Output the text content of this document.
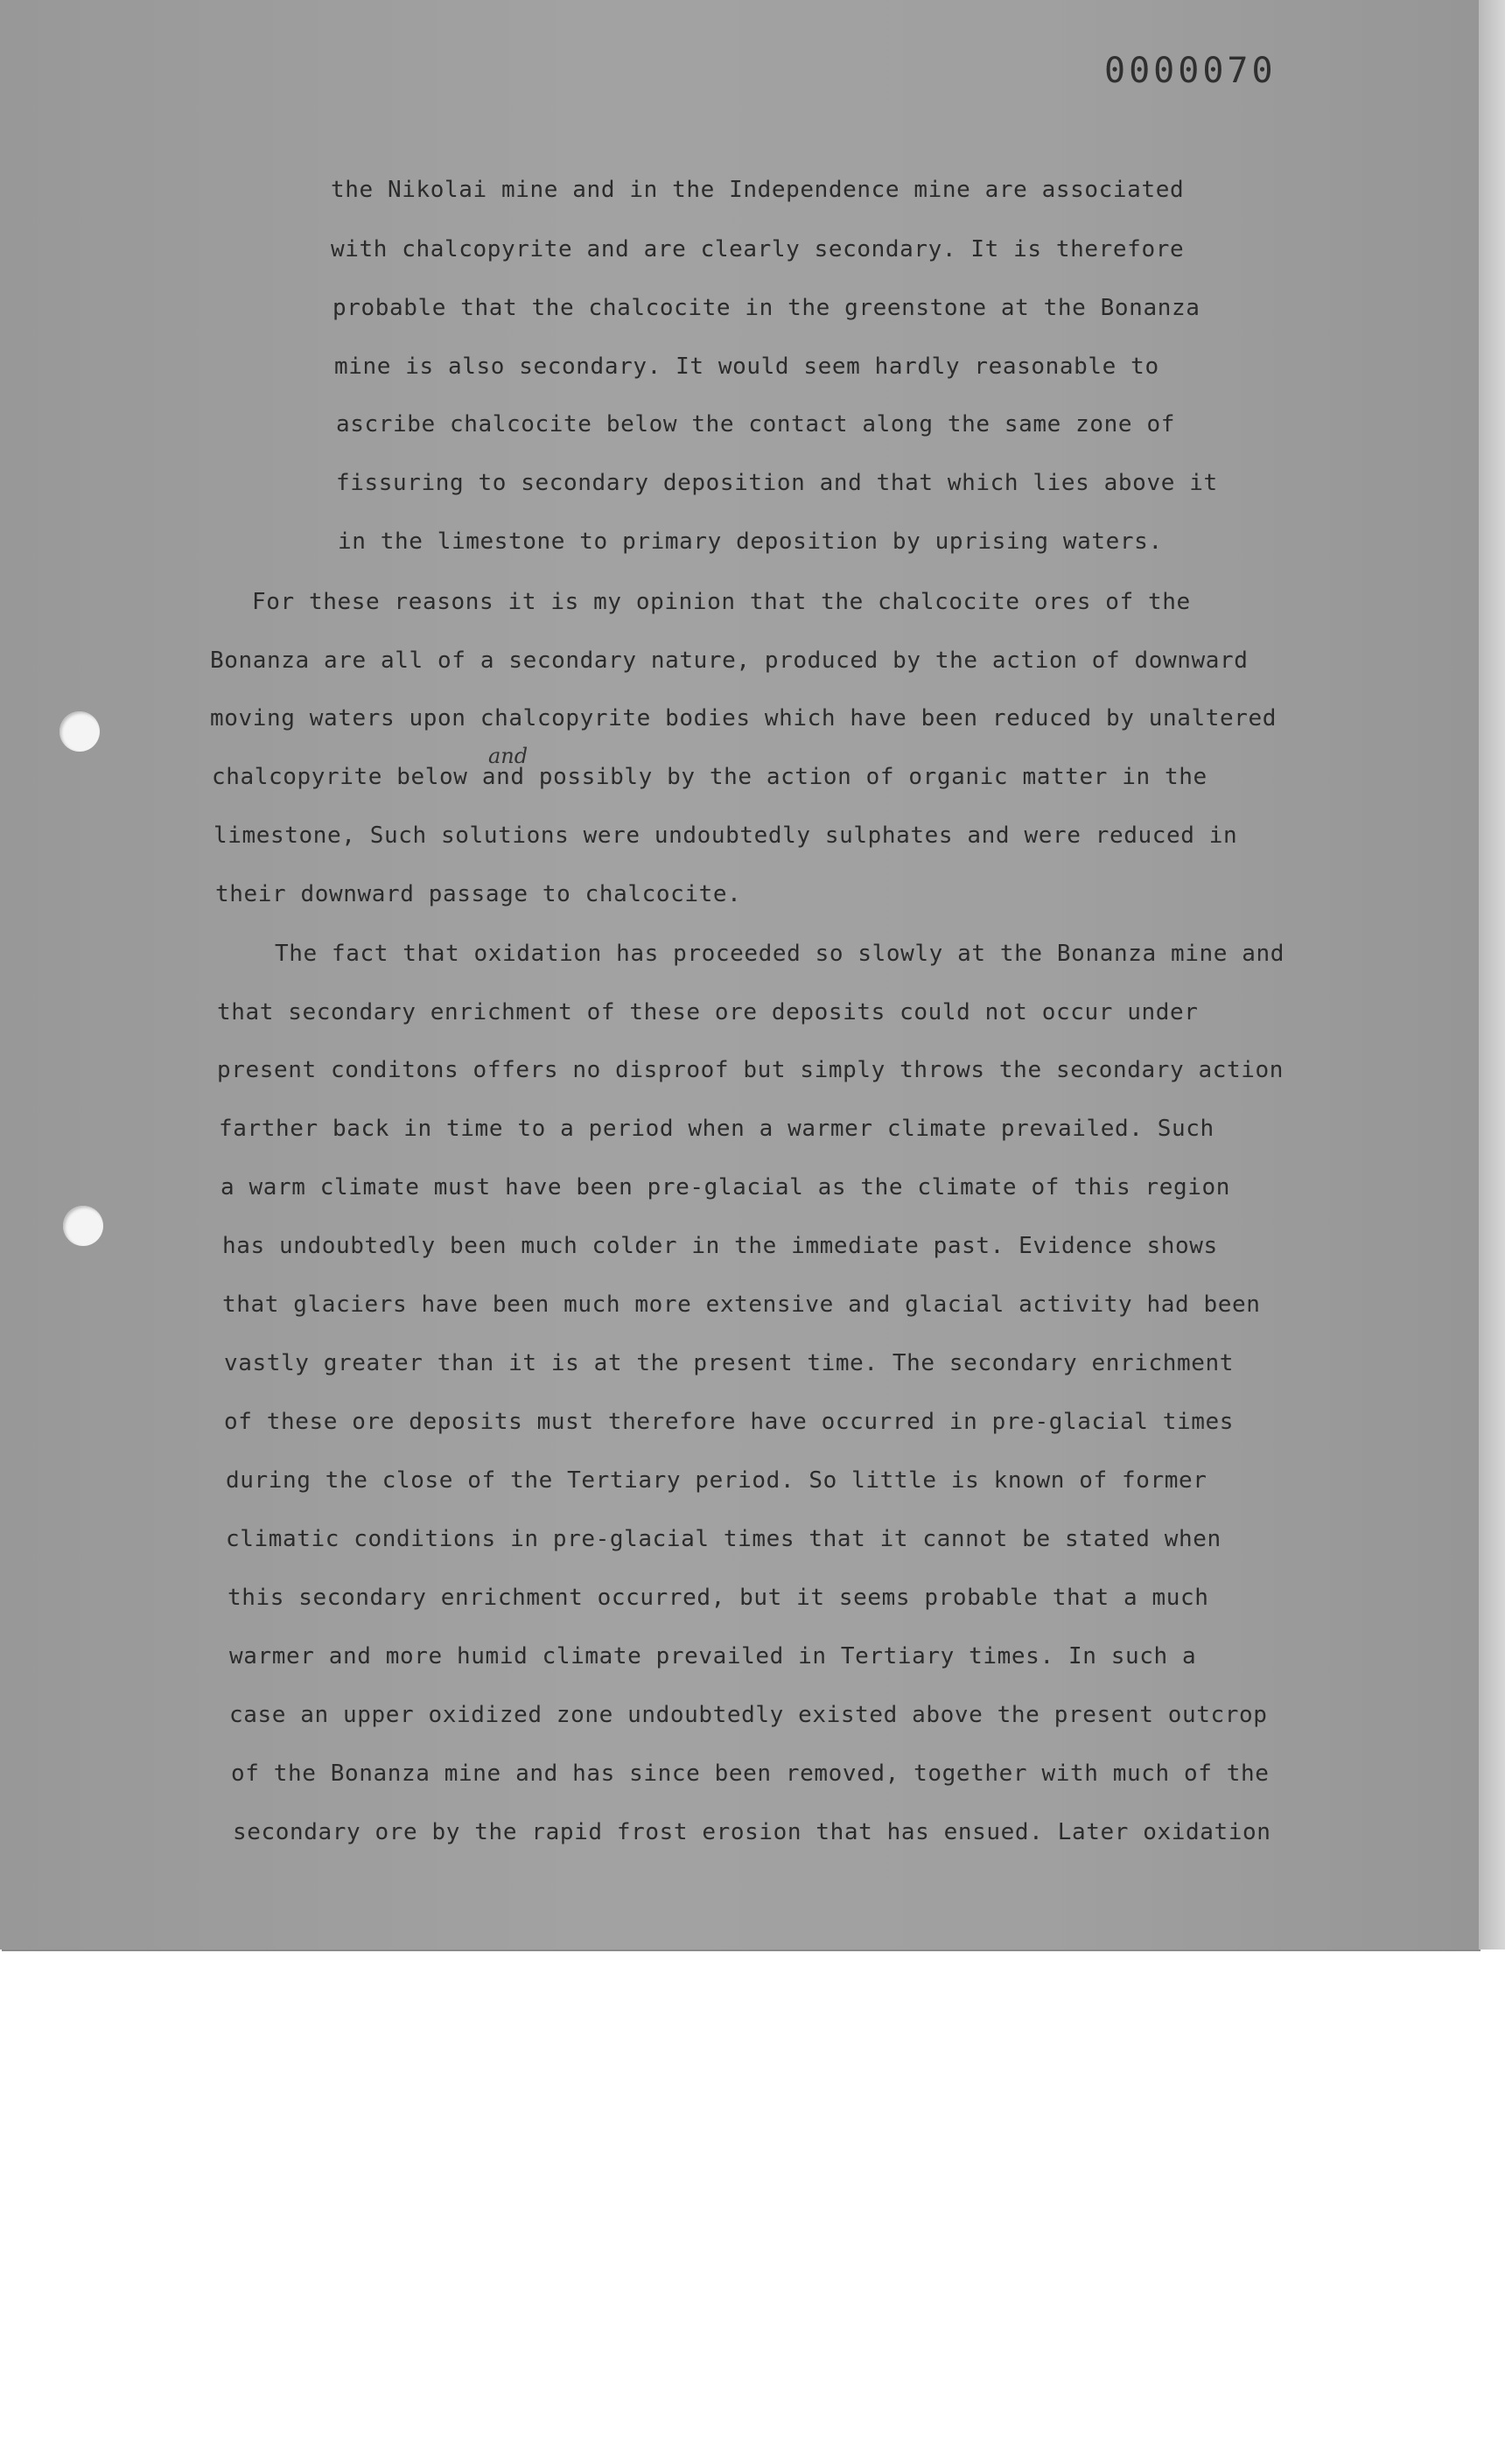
0000070
and
the Nikolai mine and in the Independence mine are associated
with chalcopyrite and are clearly secondary. It is therefore
probable that the chalcocite in the greenstone at the Bonanza
mine is also secondary. It would seem hardly reasonable to
ascribe chalcocite below the contact along the same zone of
fissuring to secondary deposition and that which lies above it
in the limestone to primary deposition by uprising waters.
For these reasons it is my opinion that the chalcocite ores of the
Bonanza are all of a secondary nature, produced by the action of downward
moving waters upon chalcopyrite bodies which have been reduced by unaltered
chalcopyrite below and possibly by the action of organic matter in the
limestone, Such solutions were undoubtedly sulphates and were reduced in
their downward passage to chalcocite.
The fact that oxidation has proceeded so slowly at the Bonanza mine and
that secondary enrichment of these ore deposits could not occur under
present conditons offers no disproof but simply throws the secondary action
farther back in time to a period when a warmer climate prevailed. Such
a warm climate must have been pre-glacial as the climate of this region
has undoubtedly been much colder in the immediate past. Evidence shows
that glaciers have been much more extensive and glacial activity had been
vastly greater than it is at the present time. The secondary enrichment
of these ore deposits must therefore have occurred in pre-glacial times
during the close of the Tertiary period. So little is known of former
climatic conditions in pre-glacial times that it cannot be stated when
this secondary enrichment occurred, but it seems probable that a much
warmer and more humid climate prevailed in Tertiary times. In such a
case an upper oxidized zone undoubtedly existed above the present outcrop
of the Bonanza mine and has since been removed, together with much of the
secondary ore by the rapid frost erosion that has ensued. Later oxidation
